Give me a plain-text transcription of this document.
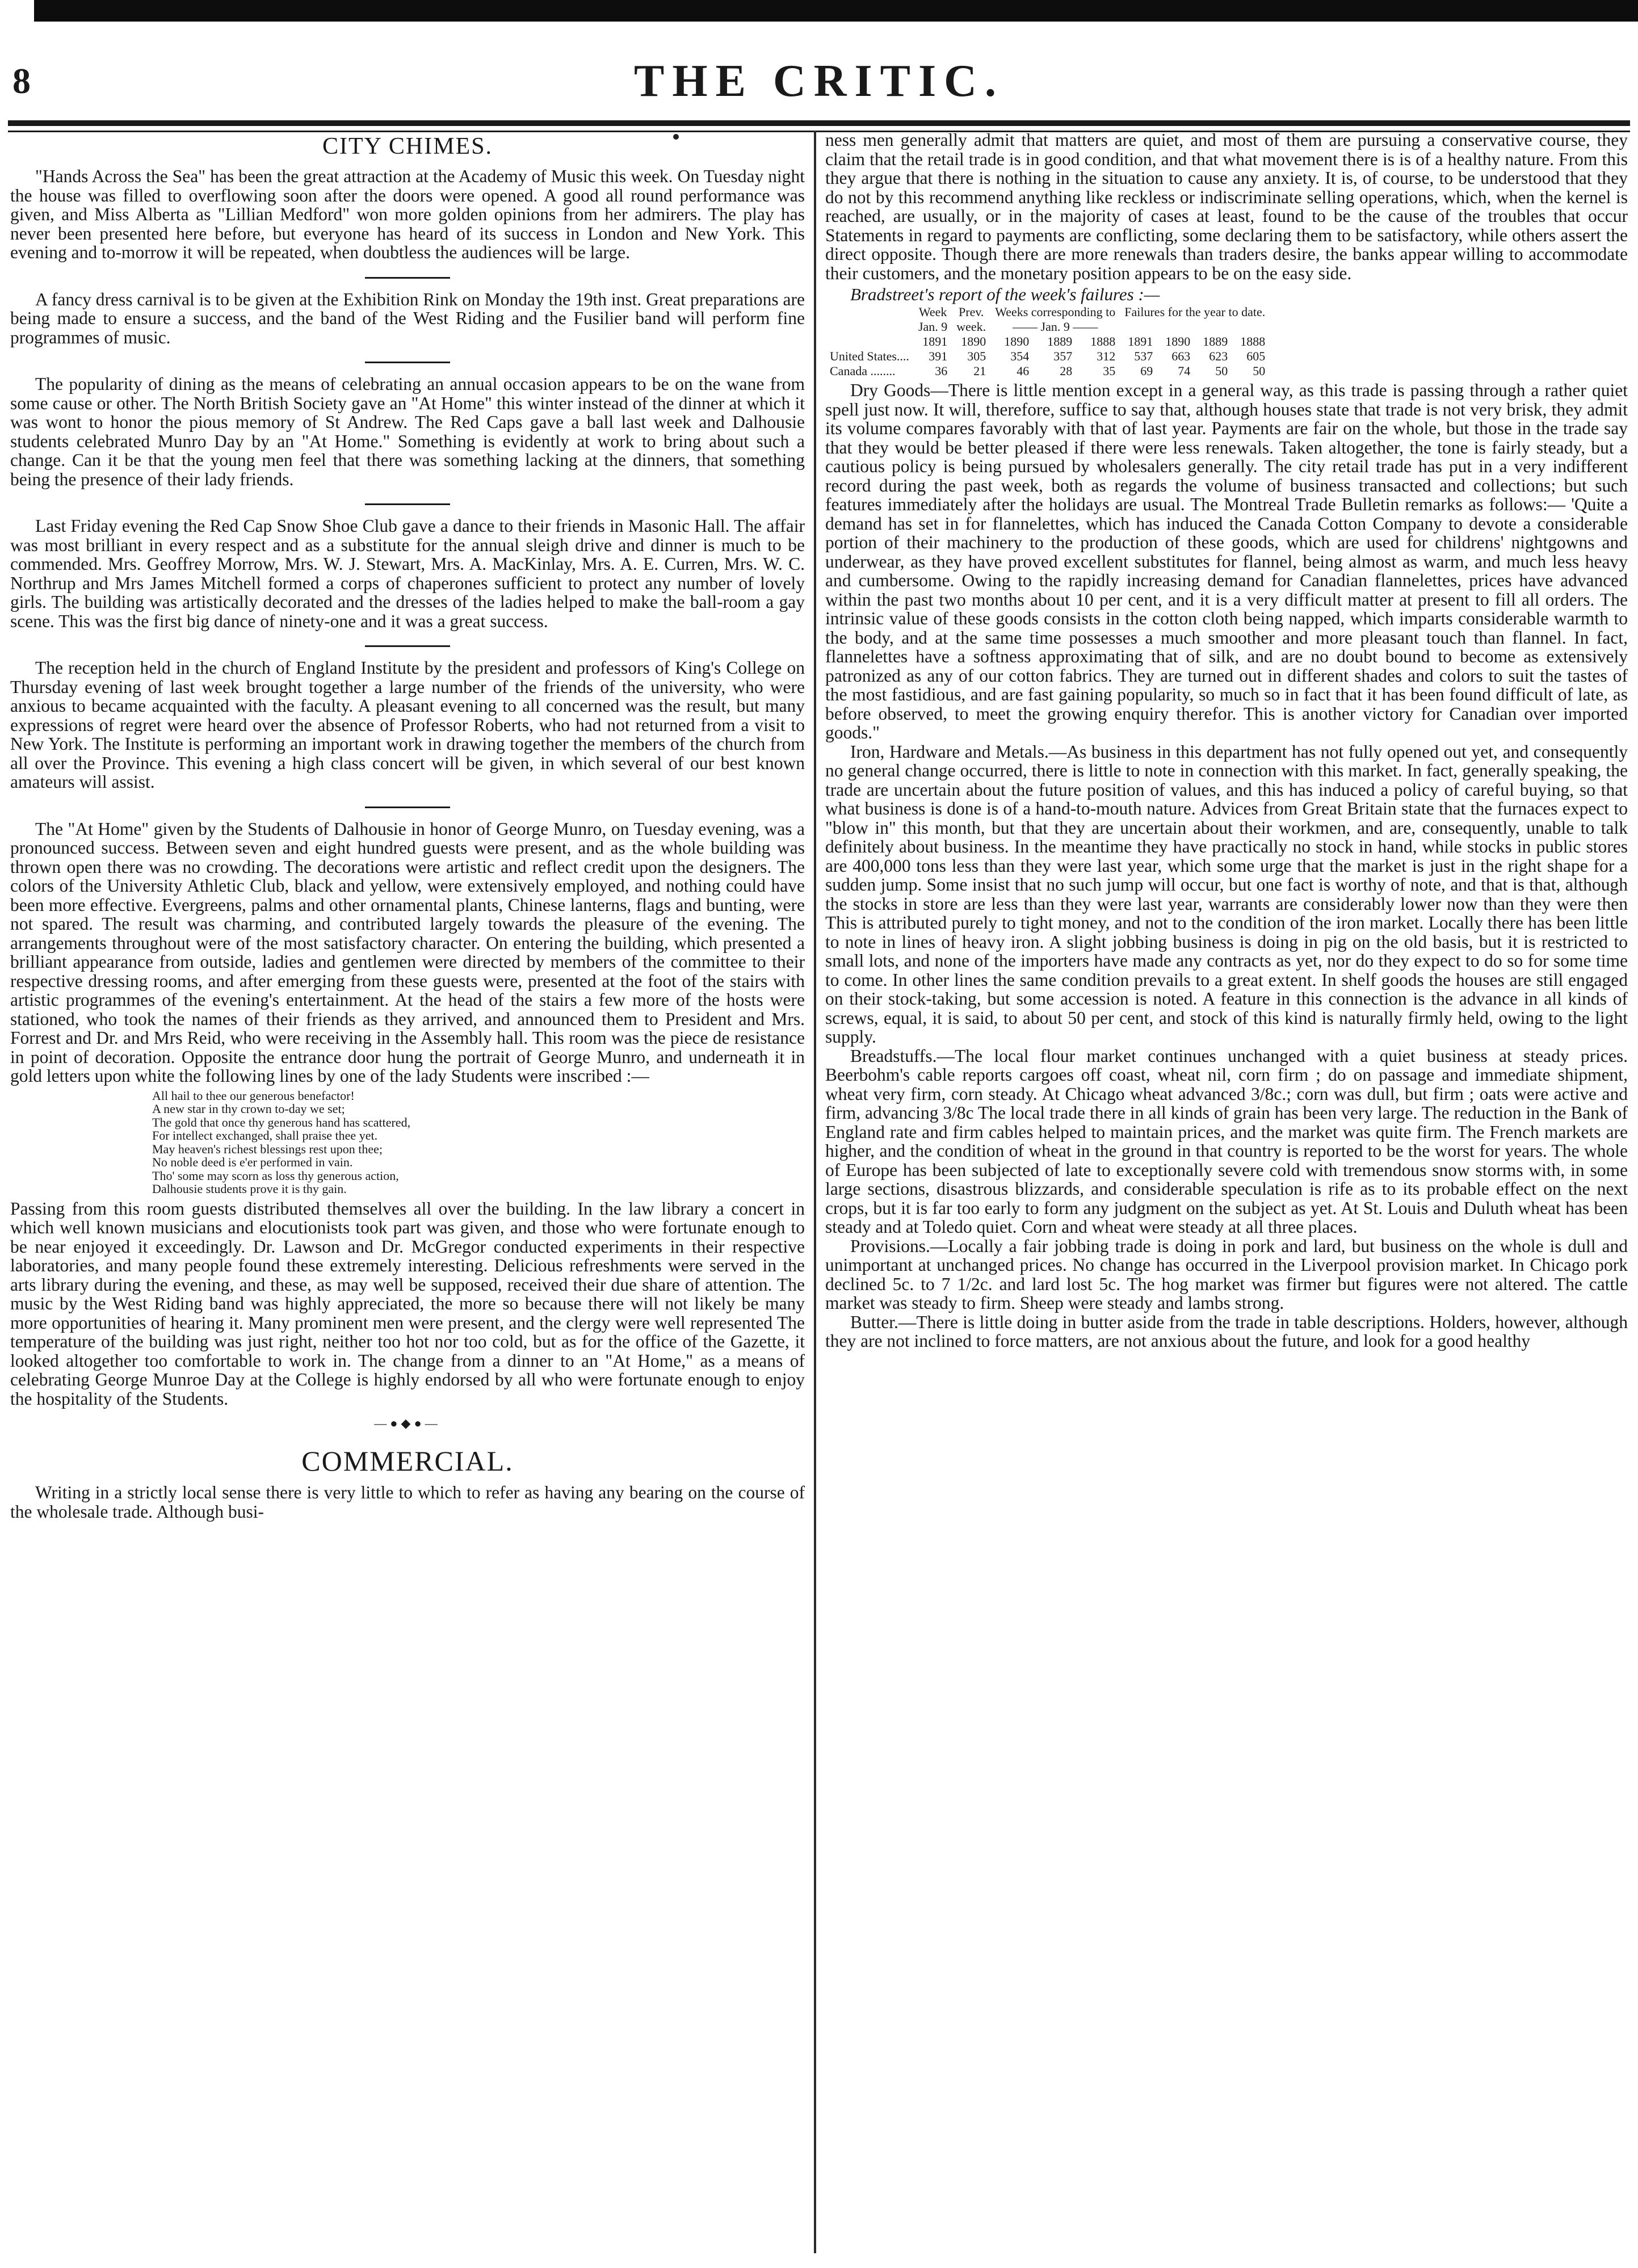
8	THE CRITIC.
CITY CHIMES.

"Hands Across the Sea" has been the great attraction at the Academy of Music this week. On Tuesday night the house was filled to overflowing soon after the doors were opened. A good all round performance was given, and Miss Alberta as "Lillian Medford" won more golden opinions from her admirers. The play has never been presented here before, but everyone has heard of its success in London and New York. This evening and to-morrow it will be repeated, when doubtless the audiences will be large.

A fancy dress carnival is to be given at the Exhibition Rink on Monday the 19th inst. Great preparations are being made to ensure a success, and the band of the West Riding and the Fusilier band will perform fine programmes of music.

The popularity of dining as the means of celebrating an annual occasion appears to be on the wane from some cause or other. The North British Society gave an "At Home" this winter instead of the dinner at which it was wont to honor the pious memory of St Andrew. The Red Caps gave a ball last week and Dalhousie students celebrated Munro Day by an "At Home." Something is evidently at work to bring about such a change. Can it be that the young men feel that there was something lacking at the dinners, that something being the presence of their lady friends.

Last Friday evening the Red Cap Snow Shoe Club gave a dance to their friends in Masonic Hall. The affair was most brilliant in every respect and as a substitute for the annual sleigh drive and dinner is much to be commended. Mrs. Geoffrey Morrow, Mrs. W. J. Stewart, Mrs. A. MacKinlay, Mrs. A. E. Curren, Mrs. W. C. Northrup and Mrs James Mitchell formed a corps of chaperones sufficient to protect any number of lovely girls. The building was artistically decorated and the dresses of the ladies helped to make the ball-room a gay scene. This was the first big dance of ninety-one and it was a great success.

The reception held in the church of England Institute by the president and professors of King's College on Thursday evening of last week brought together a large number of the friends of the university, who were anxious to became acquainted with the faculty. A pleasant evening to all concerned was the result, but many expressions of regret were heard over the absence of Professor Roberts, who had not returned from a visit to New York. The Institute is performing an important work in drawing together the members of the church from all over the Province. This evening a high class concert will be given, in which several of our best known amateurs will assist.

The "At Home" given by the Students of Dalhousie in honor of George Munro, on Tuesday evening, was a pronounced success. Between seven and eight hundred guests were present, and as the whole building was thrown open there was no crowding. The decorations were artistic and reflect credit upon the designers. The colors of the University Athletic Club, black and yellow, were extensively employed, and nothing could have been more effective. Evergreens, palms and other ornamental plants, Chinese lanterns, flags and bunting, were not spared. The result was charming, and contributed largely towards the pleasure of the evening. The arrangements throughout were of the most satisfactory character. On entering the building, which presented a brilliant appearance from outside, ladies and gentlemen were directed by members of the committee to their respective dressing rooms, and after emerging from these guests were, presented at the foot of the stairs with artistic programmes of the evening's entertainment. At the head of the stairs a few more of the hosts were stationed, who took the names of their friends as they arrived, and announced them to President and Mrs. Forrest and Dr. and Mrs Reid, who were receiving in the Assembly hall. This room was the piece de resistance in point of decoration. Opposite the entrance door hung the portrait of George Munro, and underneath it in gold letters upon white the following lines by one of the lady Students were inscribed :—

All hail to thee our generous benefactor!
A new star in thy crown to-day we set;
The gold that once thy generous hand has scattered,
For intellect exchanged, shall praise thee yet.
May heaven's richest blessings rest upon thee;
No noble deed is e'er performed in vain.
Tho' some may scorn as loss thy generous action,
Dalhousie students prove it is thy gain.

Passing from this room guests distributed themselves all over the building. In the law library a concert in which well known musicians and elocutionists took part was given, and those who were fortunate enough to be near enjoyed it exceedingly. Dr. Lawson and Dr. McGregor conducted experiments in their respective laboratories, and many people found these extremely interesting. Delicious refreshments were served in the arts library during the evening, and these, as may well be supposed, received their due share of attention. The music by the West Riding band was highly appreciated, the more so because there will not likely be many more opportunities of hearing it. Many prominent men were present, and the clergy were well represented The temperature of the building was just right, neither too hot nor too cold, but as for the office of the Gazette, it looked altogether too comfortable to work in. The change from a dinner to an "At Home," as a means of celebrating George Munroe Day at the College is highly endorsed by all who were fortunate enough to enjoy the hospitality of the Students.

—●◆●—
COMMERCIAL.

Writing in a strictly local sense there is very little to which to refer as having any bearing on the course of the wholesale trade. Although busi-

ness men generally admit that matters are quiet, and most of them are pursuing a conservative course, they claim that the retail trade is in good condition, and that what movement there is is of a healthy nature. From this they argue that there is nothing in the situation to cause any anxiety. It is, of course, to be understood that they do not by this recommend anything like reckless or indiscriminate selling operations, which, when the kernel is reached, are usually, or in the majority of cases at least, found to be the cause of the troubles that occur Statements in regard to payments are conflicting, some declaring them to be satisfactory, while others assert the direct opposite. Though there are more renewals than traders desire, the banks appear willing to accommodate their customers, and the monetary position appears to be on the easy side.

Bradstreet's report of the week's failures :—
	Week	Prev.	Weeks corresponding to			Failures for the year to date.			
	Jan. 9	week.	—— Jan. 9 ——						
	1891	1890	1890	1889	1888	1891	1890	1889	1888
United States....	391	305	354	357	312	537	663	623	605
Canada ........	36	21	46	28	35	69	74	50	50

Dry Goods—There is little mention except in a general way, as this trade is passing through a rather quiet spell just now. It will, therefore, suffice to say that, although houses state that trade is not very brisk, they admit its volume compares favorably with that of last year. Payments are fair on the whole, but those in the trade say that they would be better pleased if there were less renewals. Taken altogether, the tone is fairly steady, but a cautious policy is being pursued by wholesalers generally. The city retail trade has put in a very indifferent record during the past week, both as regards the volume of business transacted and collections; but such features immediately after the holidays are usual. The Montreal Trade Bulletin remarks as follows:— 'Quite a demand has set in for flannelettes, which has induced the Canada Cotton Company to devote a considerable portion of their machinery to the production of these goods, which are used for childrens' nightgowns and underwear, as they have proved excellent substitutes for flannel, being almost as warm, and much less heavy and cumbersome. Owing to the rapidly increasing demand for Canadian flannelettes, prices have advanced within the past two months about 10 per cent, and it is a very difficult matter at present to fill all orders. The intrinsic value of these goods consists in the cotton cloth being napped, which imparts considerable warmth to the body, and at the same time possesses a much smoother and more pleasant touch than flannel. In fact, flannelettes have a softness approximating that of silk, and are no doubt bound to become as extensively patronized as any of our cotton fabrics. They are turned out in different shades and colors to suit the tastes of the most fastidious, and are fast gaining popularity, so much so in fact that it has been found difficult of late, as before observed, to meet the growing enquiry therefor. This is another victory for Canadian over imported goods."

Iron, Hardware and Metals.—As business in this department has not fully opened out yet, and consequently no general change occurred, there is little to note in connection with this market. In fact, generally speaking, the trade are uncertain about the future position of values, and this has induced a policy of careful buying, so that what business is done is of a hand-to-mouth nature. Advices from Great Britain state that the furnaces expect to "blow in" this month, but that they are uncertain about their workmen, and are, consequently, unable to talk definitely about business. In the meantime they have practically no stock in hand, while stocks in public stores are 400,000 tons less than they were last year, which some urge that the market is just in the right shape for a sudden jump. Some insist that no such jump will occur, but one fact is worthy of note, and that is that, although the stocks in store are less than they were last year, warrants are considerably lower now than they were then This is attributed purely to tight money, and not to the condition of the iron market. Locally there has been little to note in lines of heavy iron. A slight jobbing business is doing in pig on the old basis, but it is restricted to small lots, and none of the importers have made any contracts as yet, nor do they expect to do so for some time to come. In other lines the same condition prevails to a great extent. In shelf goods the houses are still engaged on their stock-taking, but some accession is noted. A feature in this connection is the advance in all kinds of screws, equal, it is said, to about 50 per cent, and stock of this kind is naturally firmly held, owing to the light supply.

Breadstuffs.—The local flour market continues unchanged with a quiet business at steady prices. Beerbohm's cable reports cargoes off coast, wheat nil, corn firm ; do on passage and immediate shipment, wheat very firm, corn steady. At Chicago wheat advanced 3/8c.; corn was dull, but firm ; oats were active and firm, advancing 3/8c The local trade there in all kinds of grain has been very large. The reduction in the Bank of England rate and firm cables helped to maintain prices, and the market was quite firm. The French markets are higher, and the condition of wheat in the ground in that country is reported to be the worst for years. The whole of Europe has been subjected of late to exceptionally severe cold with tremendous snow storms with, in some large sections, disastrous blizzards, and considerable speculation is rife as to its probable effect on the next crops, but it is far too early to form any judgment on the subject as yet. At St. Louis and Duluth wheat has been steady and at Toledo quiet. Corn and wheat were steady at all three places.

Provisions.—Locally a fair jobbing trade is doing in pork and lard, but business on the whole is dull and unimportant at unchanged prices. No change has occurred in the Liverpool provision market. In Chicago pork declined 5c. to 7 1/2c. and lard lost 5c. The hog market was firmer but figures were not altered. The cattle market was steady to firm. Sheep were steady and lambs strong.

Butter.—There is little doing in butter aside from the trade in table descriptions. Holders, however, although they are not inclined to force matters, are not anxious about the future, and look for a good healthy
